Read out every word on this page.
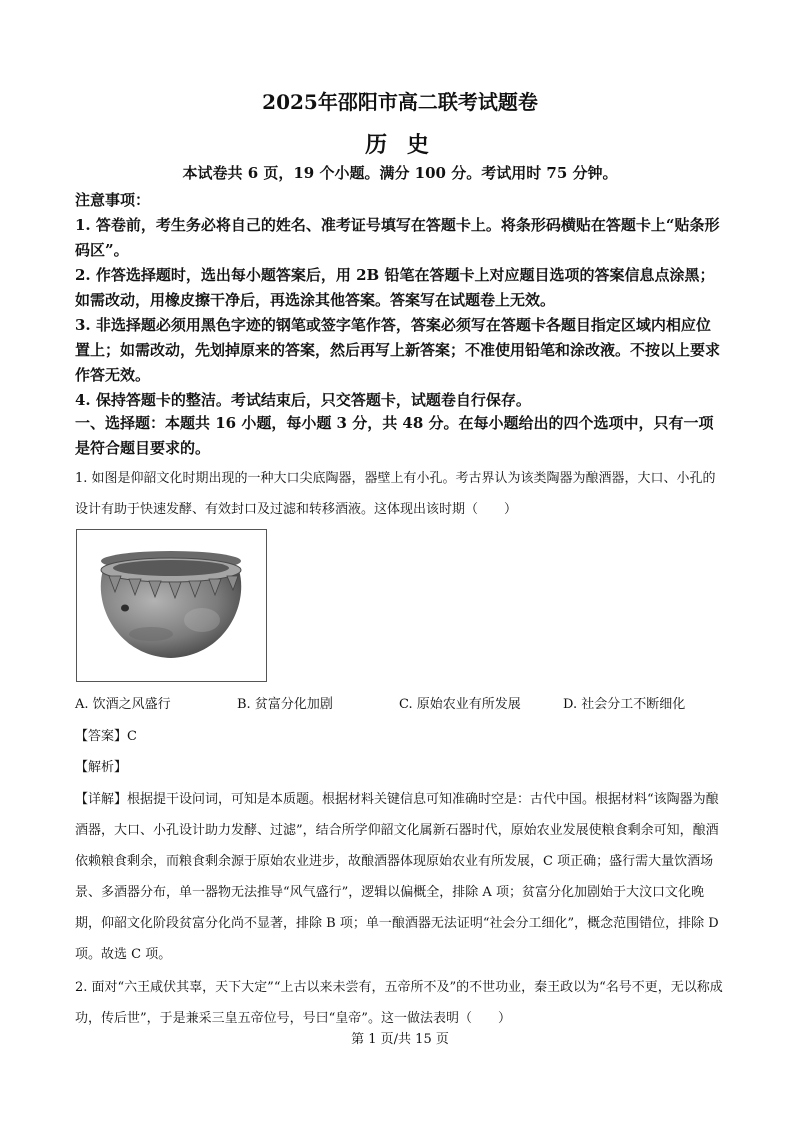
2025年邵阳市高二联考试题卷
历 史
本试卷共 6 页，19 个小题。满分 100 分。考试用时 75 分钟。
注意事项：
1. 答卷前，考生务必将自己的姓名、准考证号填写在答题卡上。将条形码横贴在答题卡上“贴条形码区”。
2. 作答选择题时，选出每小题答案后，用 2B 铅笔在答题卡上对应题目选项的答案信息点涂黑；如需改动，用橡皮擦干净后，再选涂其他答案。答案写在试题卷上无效。
3. 非选择题必须用黑色字迹的钢笔或签字笔作答，答案必须写在答题卡各题目指定区域内相应位置上；如需改动，先划掉原来的答案，然后再写上新答案；不准使用铅笔和涂改液。不按以上要求作答无效。
4. 保持答题卡的整洁。考试结束后，只交答题卡，试题卷自行保存。
一、选择题：本题共 16 小题，每小题 3 分，共 48 分。在每小题给出的四个选项中，只有一项是符合题目要求的。
1. 如图是仰韶文化时期出现的一种大口尖底陶器，器壁上有小孔。考古界认为该类陶器为酿酒器，大口、小孔的 设计有助于快速发酵、有效封口及过滤和转移酒液。这体现出该时期（　　）
A. 饮酒之风盛行	B. 贫富分化加剧	C. 原始农业有所发展	D. 社会分工不断细化
【答案】C
【解析】
【详解】根据提干设问词，可知是本质题。根据材料关键信息可知准确时空是：古代中国。根据材料“该陶器为酿酒器，大口、小孔设计助力发酵、过滤”，结合所学仰韶文化属新石器时代，原始农业发展使粮食剩余可知，酿酒依赖粮食剩余，而粮食剩余源于原始农业进步，故酿酒器体现原始农业有所发展，C 项正确；盛行需大量饮酒场景、多酒器分布，单一器物无法推导“风气盛行”，逻辑以偏概全，排除 A 项；贫富分化加剧始于大汶口文化晚期，仰韶文化阶段贫富分化尚不显著，排除 B 项；单一酿酒器无法证明“社会分工细化”，概念范围错位，排除 D 项。故选 C 项。
2. 面对“六王咸伏其辜，天下大定”“上古以来未尝有，五帝所不及”的不世功业，秦王政以为“名号不更，无以称成功，传后世”，于是兼采三皇五帝位号，号曰“皇帝”。这一做法表明（　　）
第 1 页/共 15 页
